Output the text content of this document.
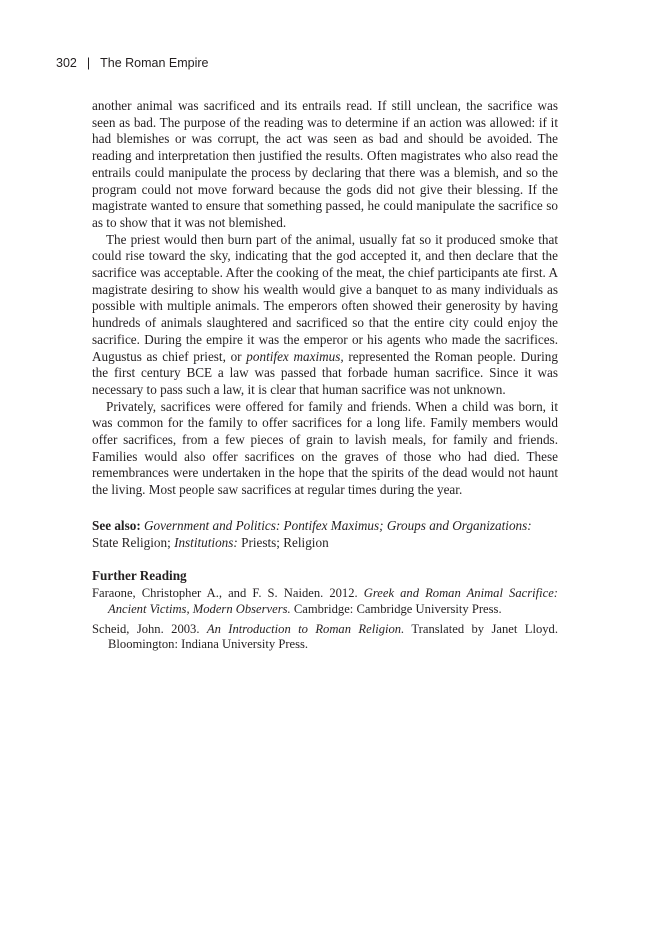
302 | The Roman Empire

another animal was sacrificed and its entrails read. If still unclean, the sacrifice was seen as bad. The purpose of the reading was to determine if an action was allowed: if it had blemishes or was corrupt, the act was seen as bad and should be avoided. The reading and interpretation then justified the results. Often magistrates who also read the entrails could manipulate the process by declaring that there was a blemish, and so the program could not move forward because the gods did not give their blessing. If the magistrate wanted to ensure that something passed, he could manipulate the sacrifice so as to show that it was not blemished.

The priest would then burn part of the animal, usually fat so it produced smoke that could rise toward the sky, indicating that the god accepted it, and then declare that the sacrifice was acceptable. After the cooking of the meat, the chief participants ate first. A magistrate desiring to show his wealth would give a banquet to as many individuals as possible with multiple animals. The emperors often showed their generosity by having hundreds of animals slaughtered and sacrificed so that the entire city could enjoy the sacrifice. During the empire it was the emperor or his agents who made the sacrifices. Augustus as chief priest, or pontifex maximus, represented the Roman people. During the first century BCE a law was passed that forbade human sacrifice. Since it was necessary to pass such a law, it is clear that human sacrifice was not unknown.

Privately, sacrifices were offered for family and friends. When a child was born, it was common for the family to offer sacrifices for a long life. Family members would offer sacrifices, from a few pieces of grain to lavish meals, for family and friends. Families would also offer sacrifices on the graves of those who had died. These remembrances were undertaken in the hope that the spirits of the dead would not haunt the living. Most people saw sacrifices at regular times during the year.

See also: Government and Politics: Pontifex Maximus; Groups and Organizations: State Religion; Institutions: Priests; Religion
Further Reading
Faraone, Christopher A., and F. S. Naiden. 2012. Greek and Roman Animal Sacrifice: Ancient Victims, Modern Observers. Cambridge: Cambridge University Press.
Scheid, John. 2003. An Introduction to Roman Religion. Translated by Janet Lloyd. Bloomington: Indiana University Press.
